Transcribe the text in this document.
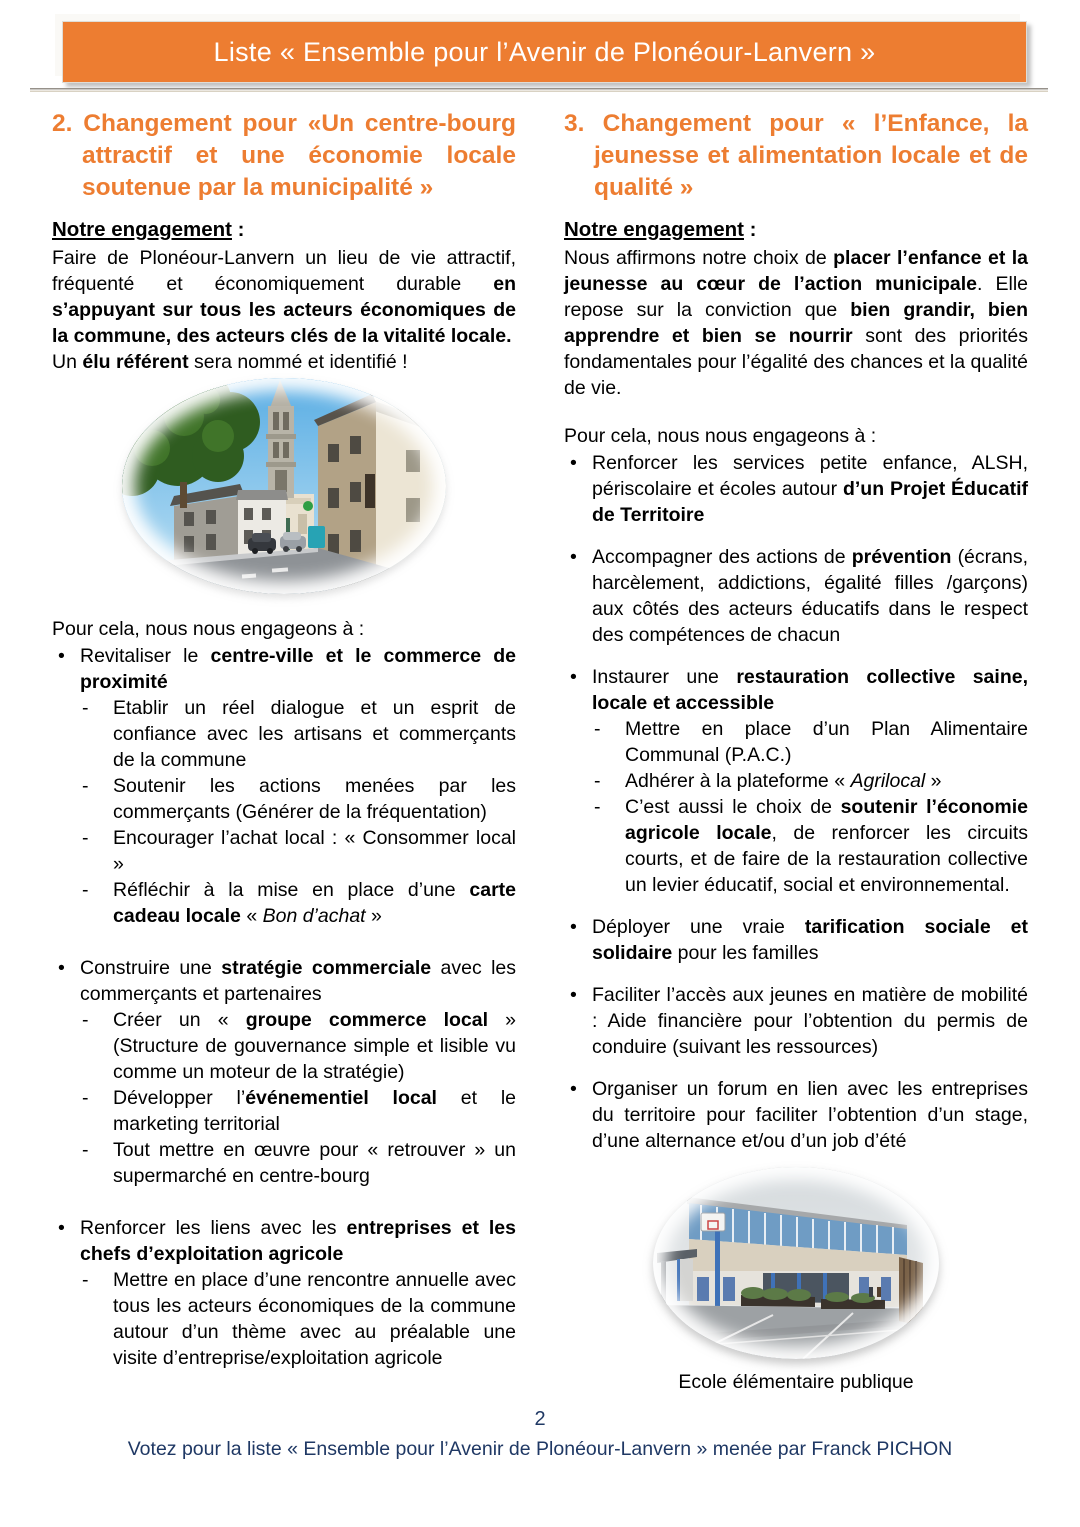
Liste « Ensemble pour l’Avenir de Plonéour-Lanvern »
2. Changement pour «Un centre-bourg attractif et une économie locale soutenue par la municipalité »

Notre engagement :

Faire de Plonéour-Lanvern un lieu de vie attractif, fréquenté et économiquement durable en s’appuyant sur tous les acteurs économiques de la commune, des acteurs clés de la vitalité locale.

Un élu référent sera nommé et identifié !

Pour cela, nous nous engageons à :

• Revitaliser le centre-ville et le commerce de proximité
- Etablir un réel dialogue et un esprit de confiance avec les artisans et commerçants de la commune
- Soutenir les actions menées par les commerçants (Générer de la fréquentation)
- Encourager l’achat local : « Consommer local »
- Réfléchir à la mise en place d’une carte cadeau locale « Bon d’achat »
• Construire une stratégie commerciale avec les commerçants et partenaires
- Créer un « groupe commerce local » (Structure de gouvernance simple et lisible vu comme un moteur de la stratégie)
- Développer l’événementiel local et le marketing territorial
- Tout mettre en œuvre pour « retrouver » un supermarché en centre-bourg
• Renforcer les liens avec les entreprises et les chefs d’exploitation agricole
- Mettre en place d’une rencontre annuelle avec tous les acteurs économiques de la commune autour d’un thème avec au préalable une visite d’entreprise/exploitation agricole
3. Changement pour « l’Enfance, la jeunesse et alimentation locale et de qualité »

Notre engagement :

Nous affirmons notre choix de placer l’enfance et la jeunesse au cœur de l’action municipale. Elle repose sur la conviction que bien grandir, bien apprendre et bien se nourrir sont des priorités fondamentales pour l’égalité des chances et la qualité de vie.

Pour cela, nous nous engageons à :

• Renforcer les services petite enfance, ALSH, périscolaire et écoles autour d’un Projet Éducatif de Territoire
• Accompagner des actions de prévention (écrans, harcèlement, addictions, égalité filles /garçons) aux côtés des acteurs éducatifs dans le respect des compétences de chacun
• Instaurer une restauration collective saine, locale et accessible
- Mettre en place d’un Plan Alimentaire Communal (P.A.C.)
- Adhérer à la plateforme « Agrilocal »
- C’est aussi le choix de soutenir l’économie agricole locale, de renforcer les circuits courts, et de faire de la restauration collective un levier éducatif, social et environnemental.
• Déployer une vraie tarification sociale et solidaire pour les familles
• Faciliter l’accès aux jeunes en matière de mobilité : Aide financière pour l’obtention du permis de conduire (suivant les ressources)
• Organiser un forum en lien avec les entreprises du territoire pour faciliter l’obtention d’un stage, d’une alternance et/ou d’un job d’été

Ecole élémentaire publique

2
Votez pour la liste « Ensemble pour l’Avenir de Plonéour-Lanvern » menée par Franck PICHON
